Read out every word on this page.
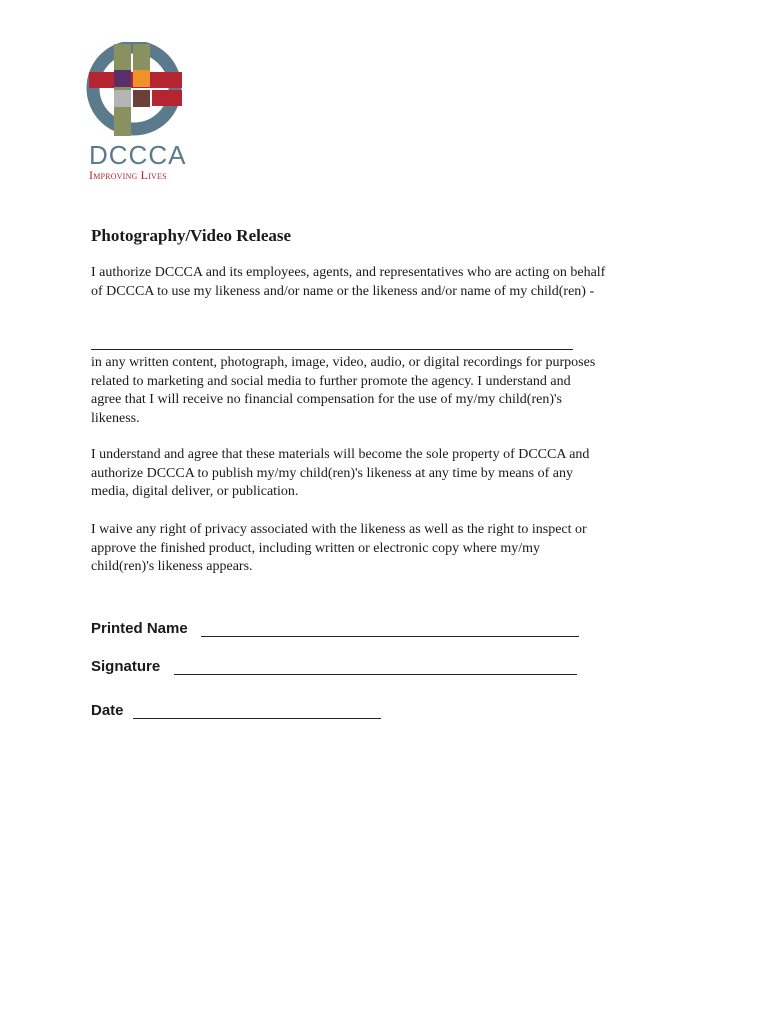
DCCCA
Improving Lives
Photography/Video Release
I authorize DCCCA and its employees, agents, and representatives who are acting on behalf
of DCCCA to use my likeness and/or name or the likeness and/or name of my child(ren) -
in any written content, photograph, image, video, audio, or digital recordings for purposes
related to marketing and social media to further promote the agency. I understand and
agree that I will receive no financial compensation for the use of my/my child(ren)'s
likeness.
I understand and agree that these materials will become the sole property of DCCCA and
authorize DCCCA to publish my/my child(ren)'s likeness at any time by means of any
media, digital deliver, or publication.
I waive any right of privacy associated with the likeness as well as the right to inspect or
approve the finished product, including written or electronic copy where my/my
child(ren)'s likeness appears.
Printed Name
Signature
Date
